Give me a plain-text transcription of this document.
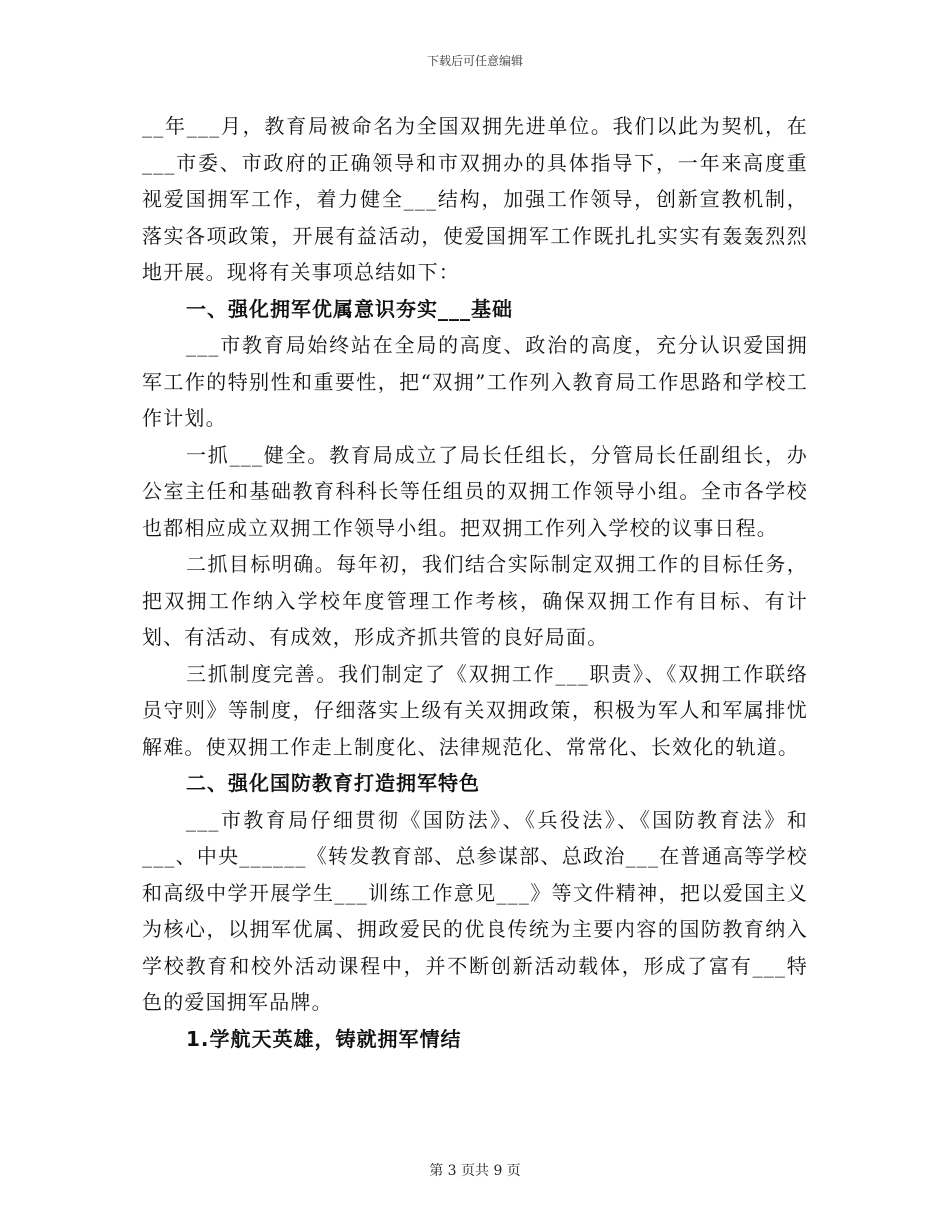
下载后可任意编辑

__年___月，教育局被命名为全国双拥先进单位。我们以此为契机，在___市委、市政府的正确领导和市双拥办的具体指导下，一年来高度重视爱国拥军工作，着力健全___结构，加强工作领导，创新宣教机制，落实各项政策，开展有益活动，使爱国拥军工作既扎扎实实有轰轰烈烈地开展。现将有关事项总结如下：

一、强化拥军优属意识夯实___基础

___市教育局始终站在全局的高度、政治的高度，充分认识爱国拥军工作的特别性和重要性，把“双拥”工作列入教育局工作思路和学校工作计划。

一抓___健全。教育局成立了局长任组长，分管局长任副组长，办公室主任和基础教育科科长等任组员的双拥工作领导小组。全市各学校也都相应成立双拥工作领导小组。把双拥工作列入学校的议事日程。

二抓目标明确。每年初，我们结合实际制定双拥工作的目标任务，把双拥工作纳入学校年度管理工作考核，确保双拥工作有目标、有计划、有活动、有成效，形成齐抓共管的良好局面。

三抓制度完善。我们制定了《双拥工作___职责》、《双拥工作联络员守则》等制度，仔细落实上级有关双拥政策，积极为军人和军属排忧解难。使双拥工作走上制度化、法律规范化、常常化、长效化的轨道。

二、强化国防教育打造拥军特色

___市教育局仔细贯彻《国防法》、《兵役法》、《国防教育法》和___、中央______《转发教育部、总参谋部、总政治___在普通高等学校和高级中学开展学生___训练工作意见___》等文件精神，把以爱国主义为核心，以拥军优属、拥政爱民的优良传统为主要内容的国防教育纳入学校教育和校外活动课程中，并不断创新活动载体，形成了富有___特色的爱国拥军品牌。

1.学航天英雄，铸就拥军情结

第 3 页共 9 页
